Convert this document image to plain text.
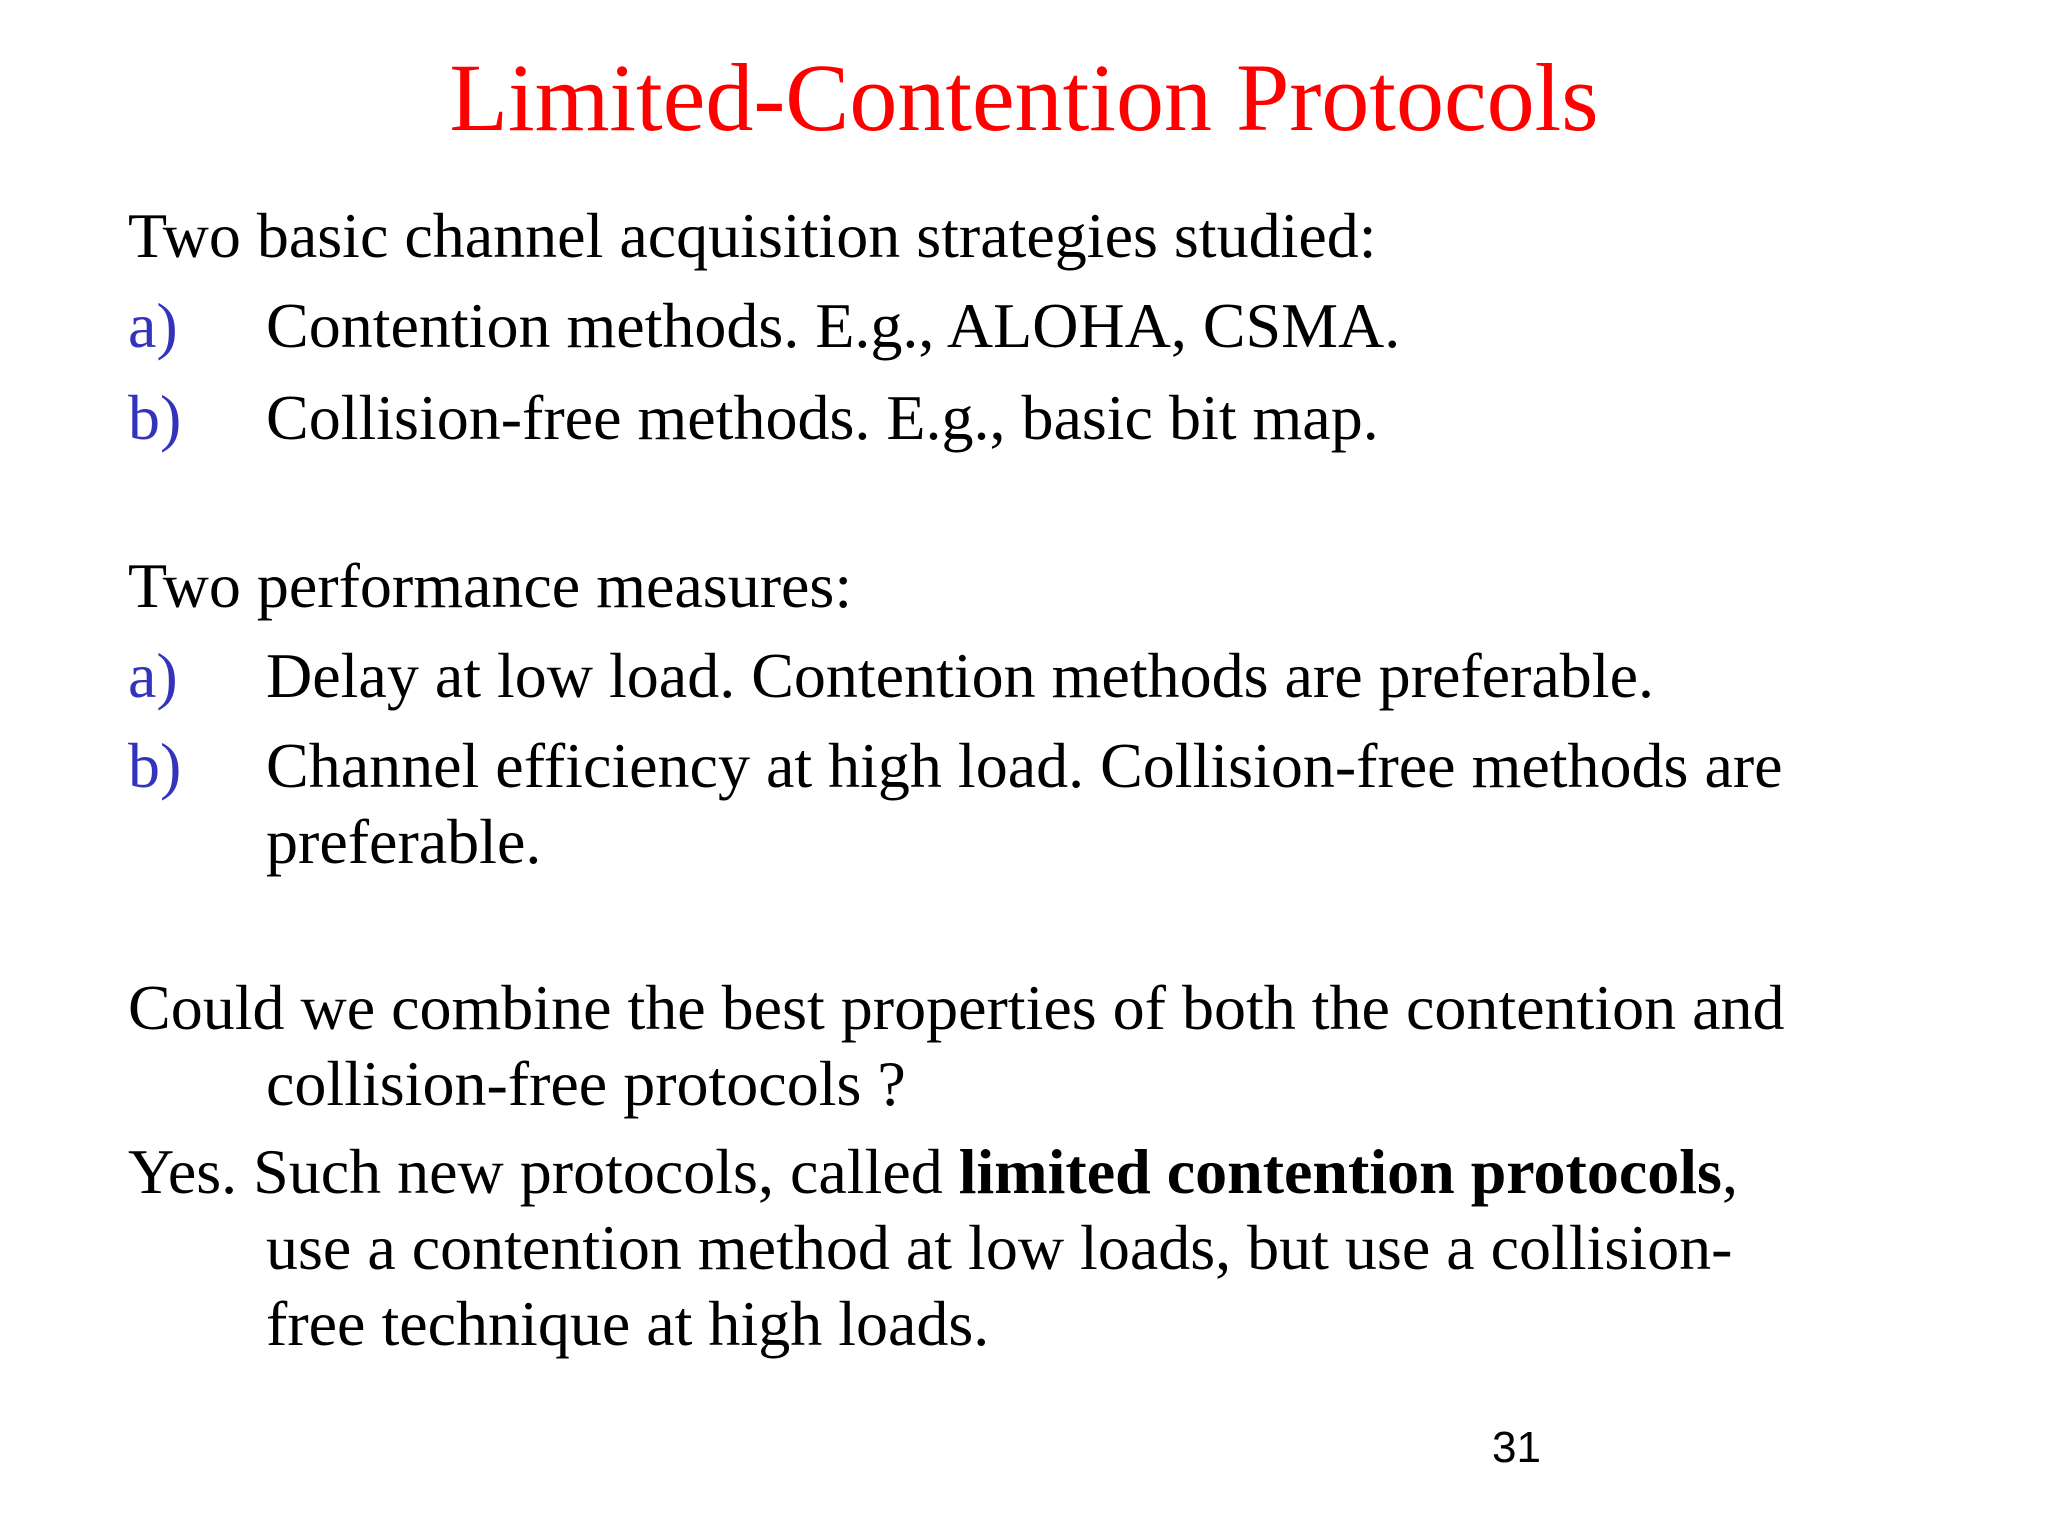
Limited-Contention Protocols
Two basic channel acquisition strategies studied:
a) Contention methods. E.g., ALOHA, CSMA.
b) Collision-free methods. E.g., basic bit map.
Two performance measures:
a) Delay at low load. Contention methods are preferable.
b) Channel efficiency at high load. Collision-free methods are
preferable.
Could we combine the best properties of both the contention and
collision-free protocols ?
Yes. Such new protocols, called limited contention protocols,
use a contention method at low loads, but use a collision-
free technique at high loads.
31
